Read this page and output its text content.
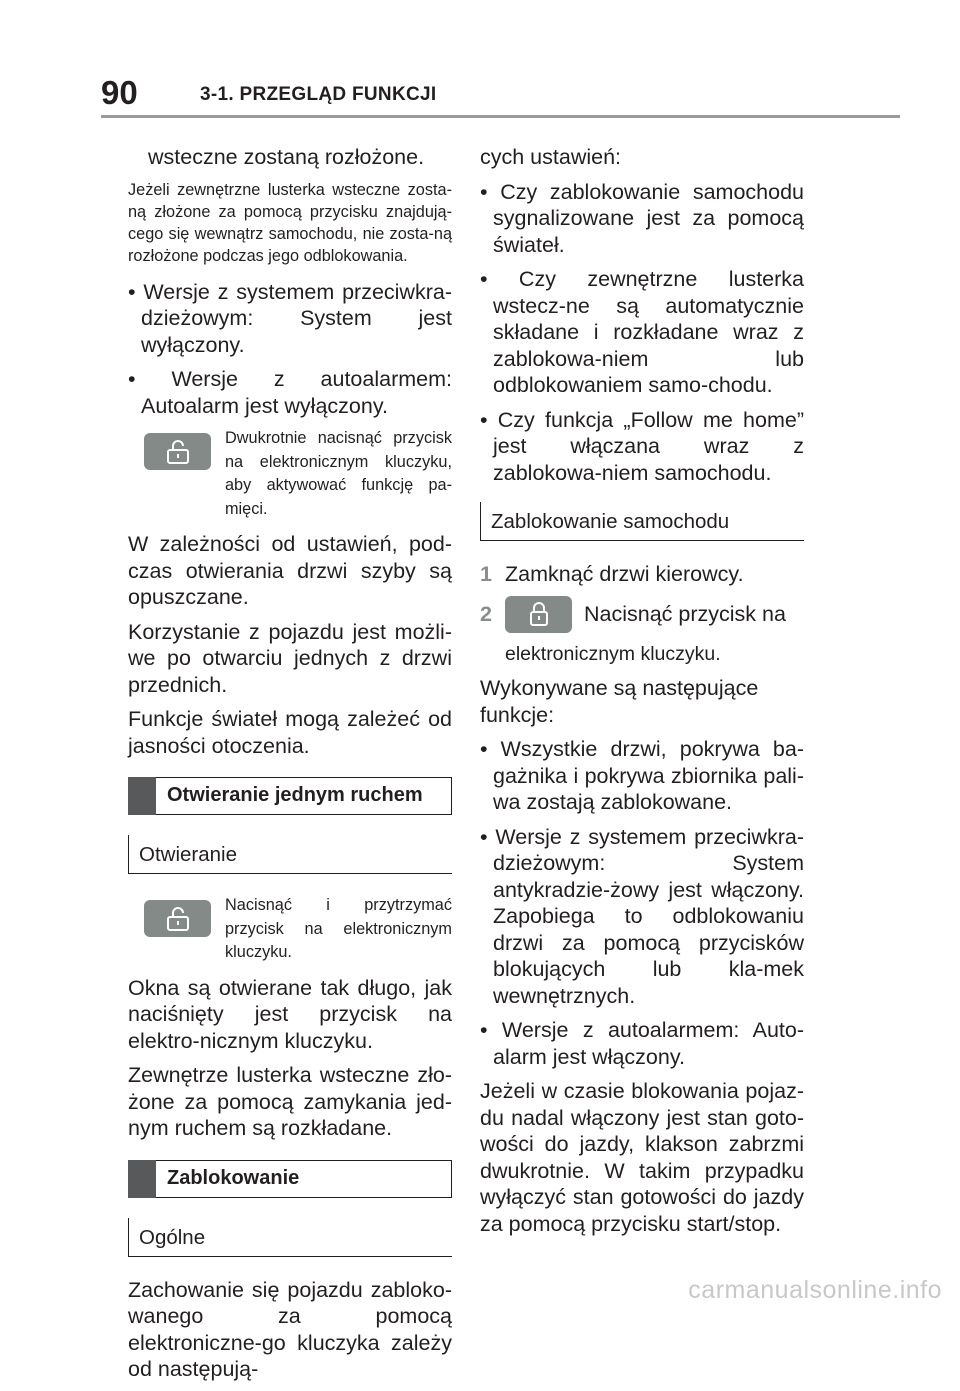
90	3-1. PRZEGLĄD FUNKCJI

wsteczne zostaną rozłożone.

Jeżeli zewnętrzne lusterka wsteczne zosta-ną złożone za pomocą przycisku znajdują-cego się wewnątrz samochodu, nie zosta-ną rozłożone podczas jego odblokowania.

• Wersje z systemem przeciwkra-dzieżowym: System jest wyłączony.

• Wersje z autoalarmem: Autoalarm jest wyłączony.

Dwukrotnie nacisnąć przycisk na elektronicznym kluczyku, aby aktywować funkcję pa-mięci.

W zależności od ustawień, pod-czas otwierania drzwi szyby są opuszczane.

Korzystanie z pojazdu jest możli-we po otwarciu jednych z drzwi przednich.

Funkcje świateł mogą zależeć od jasności otoczenia.

Otwieranie jednym ruchem
Otwieranie
Nacisnąć i przytrzymać przycisk na elektronicznym kluczyku.

Okna są otwierane tak długo, jak naciśnięty jest przycisk na elektro-nicznym kluczyku.

Zewnętrze lusterka wsteczne zło-żone za pomocą zamykania jed-nym ruchem są rozkładane.

Zablokowanie
Ogólne

Zachowanie się pojazdu zabloko-wanego za pomocą elektroniczne-go kluczyka zależy od następują-

cych ustawień:

• Czy zablokowanie samochodu sygnalizowane jest za pomocą świateł.

• Czy zewnętrzne lusterka wstecz-ne są automatycznie składane i rozkładane wraz z zablokowa-niem lub odblokowaniem samo-chodu.

• Czy funkcja „Follow me home” jest włączana wraz z zablokowa-niem samochodu.

Zablokowanie samochodu
1 Zamknąć drzwi kierowcy.
2	Nacisnąć przycisk na

elektronicznym kluczyku.

Wykonywane są następujące funkcje:

• Wszystkie drzwi, pokrywa ba-gażnika i pokrywa zbiornika pali-wa zostają zablokowane.

• Wersje z systemem przeciwkra-dzieżowym: System antykradzie-żowy jest włączony. Zapobiega to odblokowaniu drzwi za pomocą przycisków blokujących lub kla-mek wewnętrznych.

• Wersje z autoalarmem: Auto-alarm jest włączony.

Jeżeli w czasie blokowania pojaz-du nadal włączony jest stan goto-wości do jazdy, klakson zabrzmi dwukrotnie. W takim przypadku wyłączyć stan gotowości do jazdy za pomocą przycisku start/stop.

carmanualsonline.info
